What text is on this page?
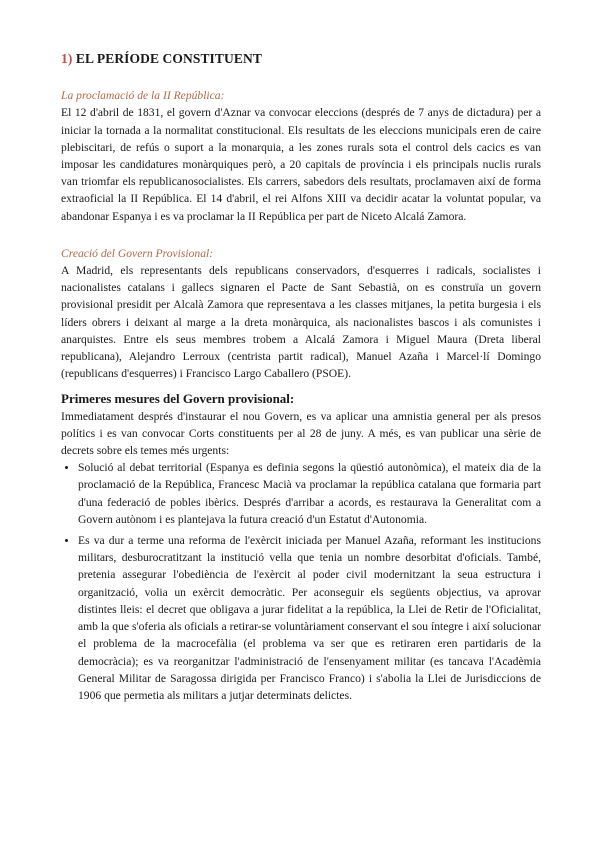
1) EL PERÍODE CONSTITUENT

La proclamació de la II República:

El 12 d'abril de 1831, el govern d'Aznar va convocar eleccions (després de 7 anys de dictadura) per a iniciar la tornada a la normalitat constitucional. Els resultats de les eleccions municipals eren de caire plebiscitari, de refús o suport a la monarquia, a les zones rurals sota el control dels cacics es van imposar les candidatures monàrquiques però, a 20 capitals de província i els principals nuclis rurals van triomfar els republicanosocialistes. Els carrers, sabedors dels resultats, proclamaven així de forma extraoficial la II República. El 14 d'abril, el rei Alfons XIII va decidir acatar la voluntat popular, va abandonar Espanya i es va proclamar la II República per part de Niceto Alcalá Zamora.

Creació del Govern Provisional:

A Madrid, els representants dels republicans conservadors, d'esquerres i radicals, socialistes i nacionalistes catalans i gallecs signaren el Pacte de Sant Sebastià, on es construïa un govern provisional presidit per Alcalà Zamora que representava a les classes mitjanes, la petita burgesia i els líders obrers i deixant al marge a la dreta monàrquica, als nacionalistes bascos i als comunistes i anarquistes. Entre els seus membres trobem a Alcalá Zamora i Miguel Maura (Dreta liberal republicana), Alejandro Lerroux (centrista partit radical), Manuel Azaña i Marcel·lí Domingo (republicans d'esquerres) i Francisco Largo Caballero (PSOE).

Primeres mesures del Govern provisional:

Immediatament després d'instaurar el nou Govern, es va aplicar una amnistia general per als presos polítics i es van convocar Corts constituents per al 28 de juny. A més, es van publicar una sèrie de decrets sobre els temes més urgents:

• Solució al debat territorial (Espanya es definia segons la qüestió autonòmica), el mateix dia de la proclamació de la República, Francesc Macià va proclamar la república catalana que formaria part d'una federació de pobles ibèrics. Després d'arribar a acords, es restaurava la Generalitat com a Govern autònom i es plantejava la futura creació d'un Estatut d'Autonomia.
• Es va dur a terme una reforma de l'exèrcit iniciada per Manuel Azaña, reformant les institucions militars, desburocratitzant la institució vella que tenia un nombre desorbitat d'oficials. També, pretenia assegurar l'obediència de l'exèrcit al poder civil modernitzant la seua estructura i organització, volia un exèrcit democràtic. Per aconseguir els següents objectius, va aprovar distintes lleis: el decret que obligava a jurar fidelitat a la república, la Llei de Retir de l'Oficialitat, amb la que s'oferia als oficials a retirar-se voluntàriament conservant el sou íntegre i així solucionar el problema de la macrocefàlia (el problema va ser que es retiraren eren partidaris de la democràcia); es va reorganitzar l'administració de l'ensenyament militar (es tancava l'Acadèmia General Militar de Saragossa dirigida per Francisco Franco) i s'abolia la Llei de Jurisdiccions de 1906 que permetia als militars a jutjar determinats delictes.
